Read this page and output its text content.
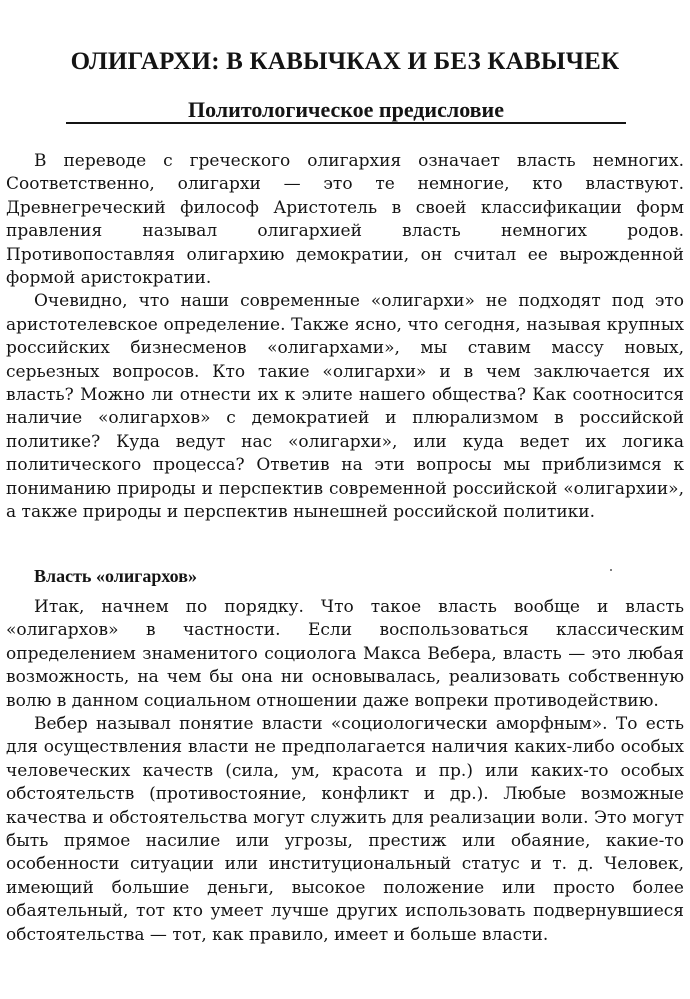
ОЛИГАРХИ: В КАВЫЧКАХ И БЕЗ КАВЫЧЕК
Политологическое предисловие

В переводе с греческого олигархия означает власть немногих. Соответственно, олигархи — это те немногие, кто властвуют. Древнегреческий философ Аристотель в своей классификации форм правления называл олигархией власть немногих родов. Противопоставляя олигархию демократии, он считал ее вырожденной формой аристократии.

Очевидно, что наши современные «олигархи» не подходят под это аристотелевское определение. Также ясно, что сегодня, называя крупных российских бизнесменов «олигархами», мы ставим массу новых, серьезных вопросов. Кто такие «олигархи» и в чем заключается их власть? Можно ли отнести их к элите нашего общества? Как соотносится наличие «олигархов» с демократией и плюрализмом в российской политике? Куда ведут нас «олигархи», или куда ведет их логика политического процесса? Ответив на эти вопросы мы приблизимся к пониманию природы и перспектив современной российской «олигархии», а также природы и перспектив нынешней российской политики.

Власть «олигархов»

Итак, начнем по порядку. Что такое власть вообще и власть «олигархов» в частности. Если воспользоваться классическим определением знаменитого социолога Макса Вебера, власть — это любая возможность, на чем бы она ни основывалась, реализовать собственную волю в данном социальном отношении даже вопреки противодействию.

Вебер называл понятие власти «социологически аморфным». То есть для осуществления власти не предполагается наличия каких-либо особых человеческих качеств (сила, ум, красота и пр.) или каких-то особых обстоятельств (противостояние, конфликт и др.). Любые возможные качества и обстоятельства могут служить для реализации воли. Это могут быть прямое насилие или угрозы, престиж или обаяние, какие-то особенности ситуации или институциональный статус и т. д. Человек, имеющий большие деньги, высокое положение или просто более обаятельный, тот кто умеет лучше других использовать подвернувшиеся обстоятельства — тот, как правило, имеет и больше власти.
